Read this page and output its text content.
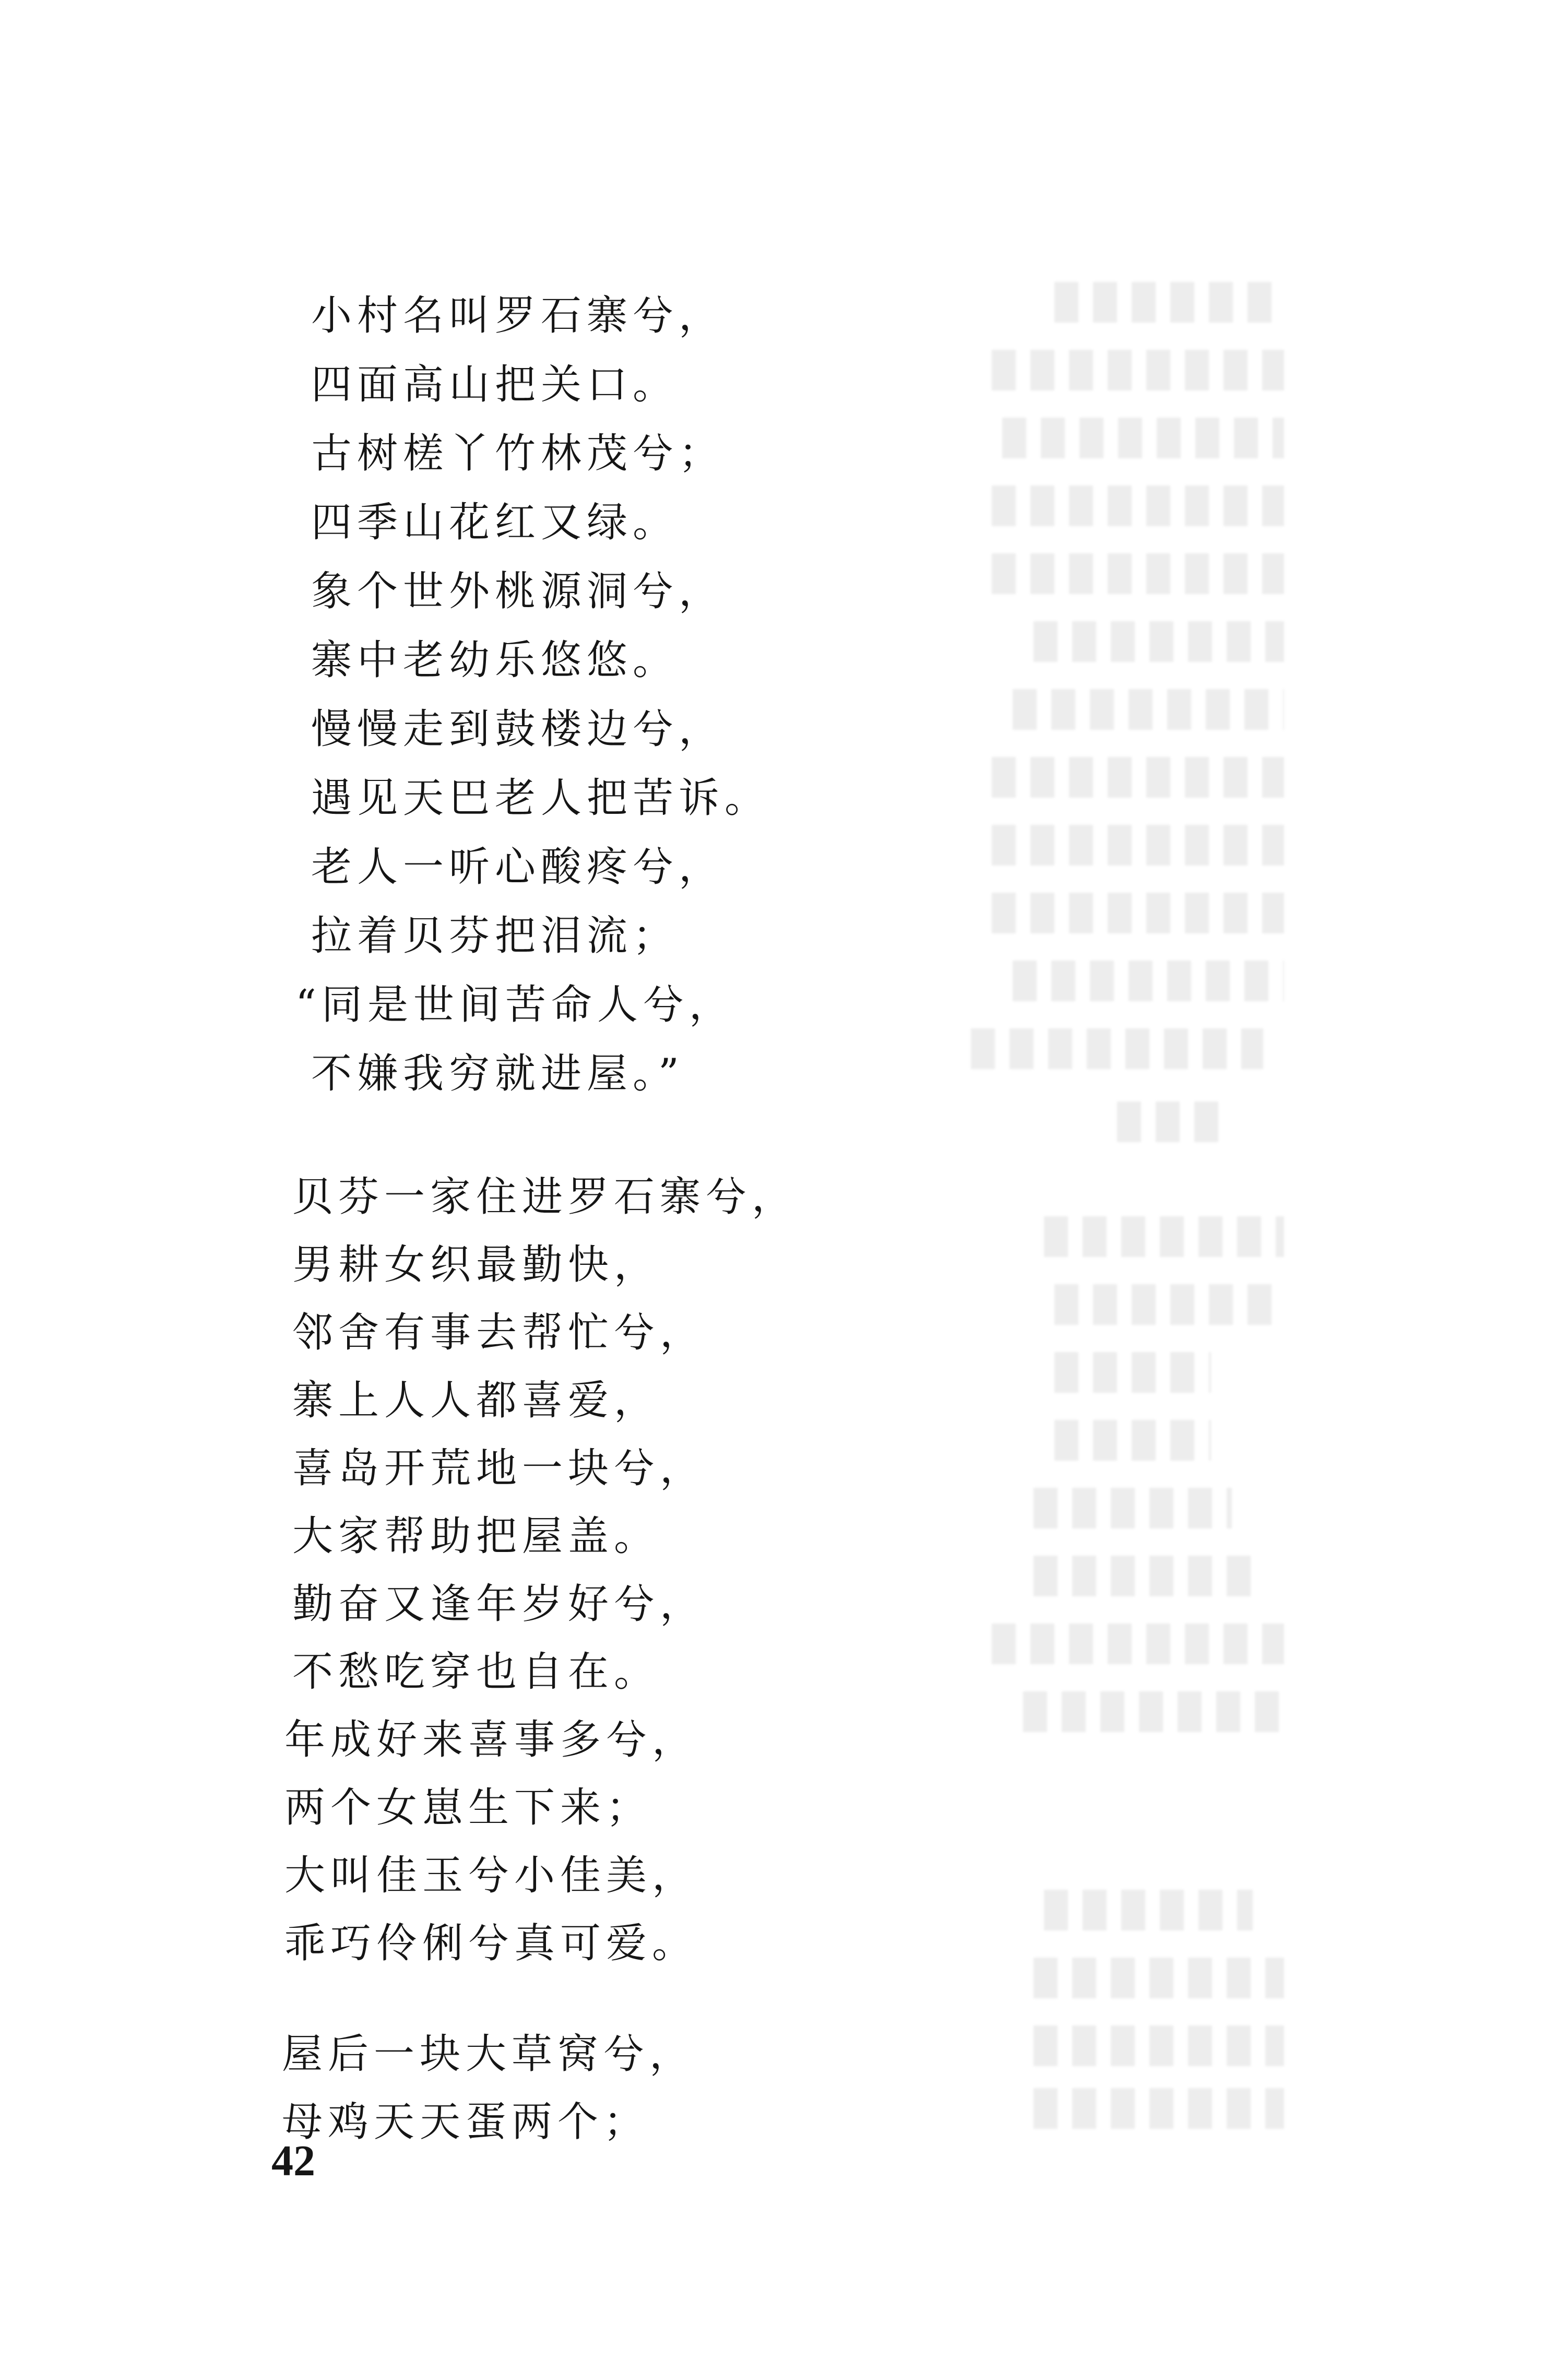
小村名叫罗石寨兮，
四面高山把关口。
古树槎丫竹林茂兮；
四季山花红又绿。
象个世外桃源洞兮，
寨中老幼乐悠悠。
慢慢走到鼓楼边兮，
遇见天巴老人把苦诉。
老人一听心酸疼兮，
拉着贝芬把泪流；
“同是世间苦命人兮，
不嫌我穷就进屋。”
贝芬一家住进罗石寨兮，
男耕女织最勤快，
邻舍有事去帮忙兮，
寨上人人都喜爱，
喜岛开荒地一块兮，
大家帮助把屋盖。
勤奋又逢年岁好兮，
不愁吃穿也自在。
年成好来喜事多兮，
两个女崽生下来；
大叫佳玉兮小佳美，
乖巧伶俐兮真可爱。
屋后一块大草窝兮，
母鸡天天蛋两个；
42
